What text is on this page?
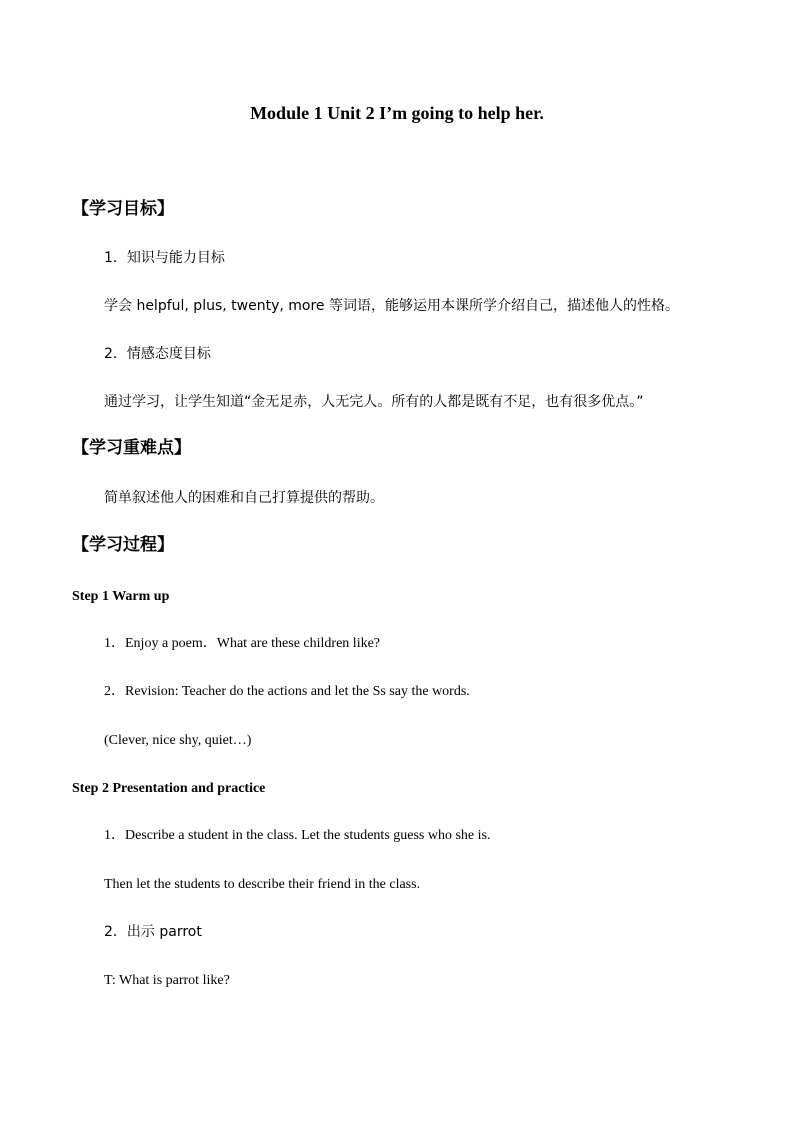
Module 1 Unit 2 I’m going to help her.
【学习目标】
1．知识与能力目标
学会 helpful, plus, twenty, more 等词语，能够运用本课所学介绍自己，描述他人的性格。
2．情感态度目标
通过学习，让学生知道“金无足赤，人无完人。所有的人都是既有不足，也有很多优点。”
【学习重难点】
简单叙述他人的困难和自己打算提供的帮助。
【学习过程】
Step 1 Warm up
1．Enjoy a poem．What are these children like?
2．Revision: Teacher do the actions and let the Ss say the words.
(Clever, nice shy, quiet…)
Step 2 Presentation and practice
1．Describe a student in the class. Let the students guess who she is.
Then let the students to describe their friend in the class.
2．出示 parrot
T: What is parrot like?
